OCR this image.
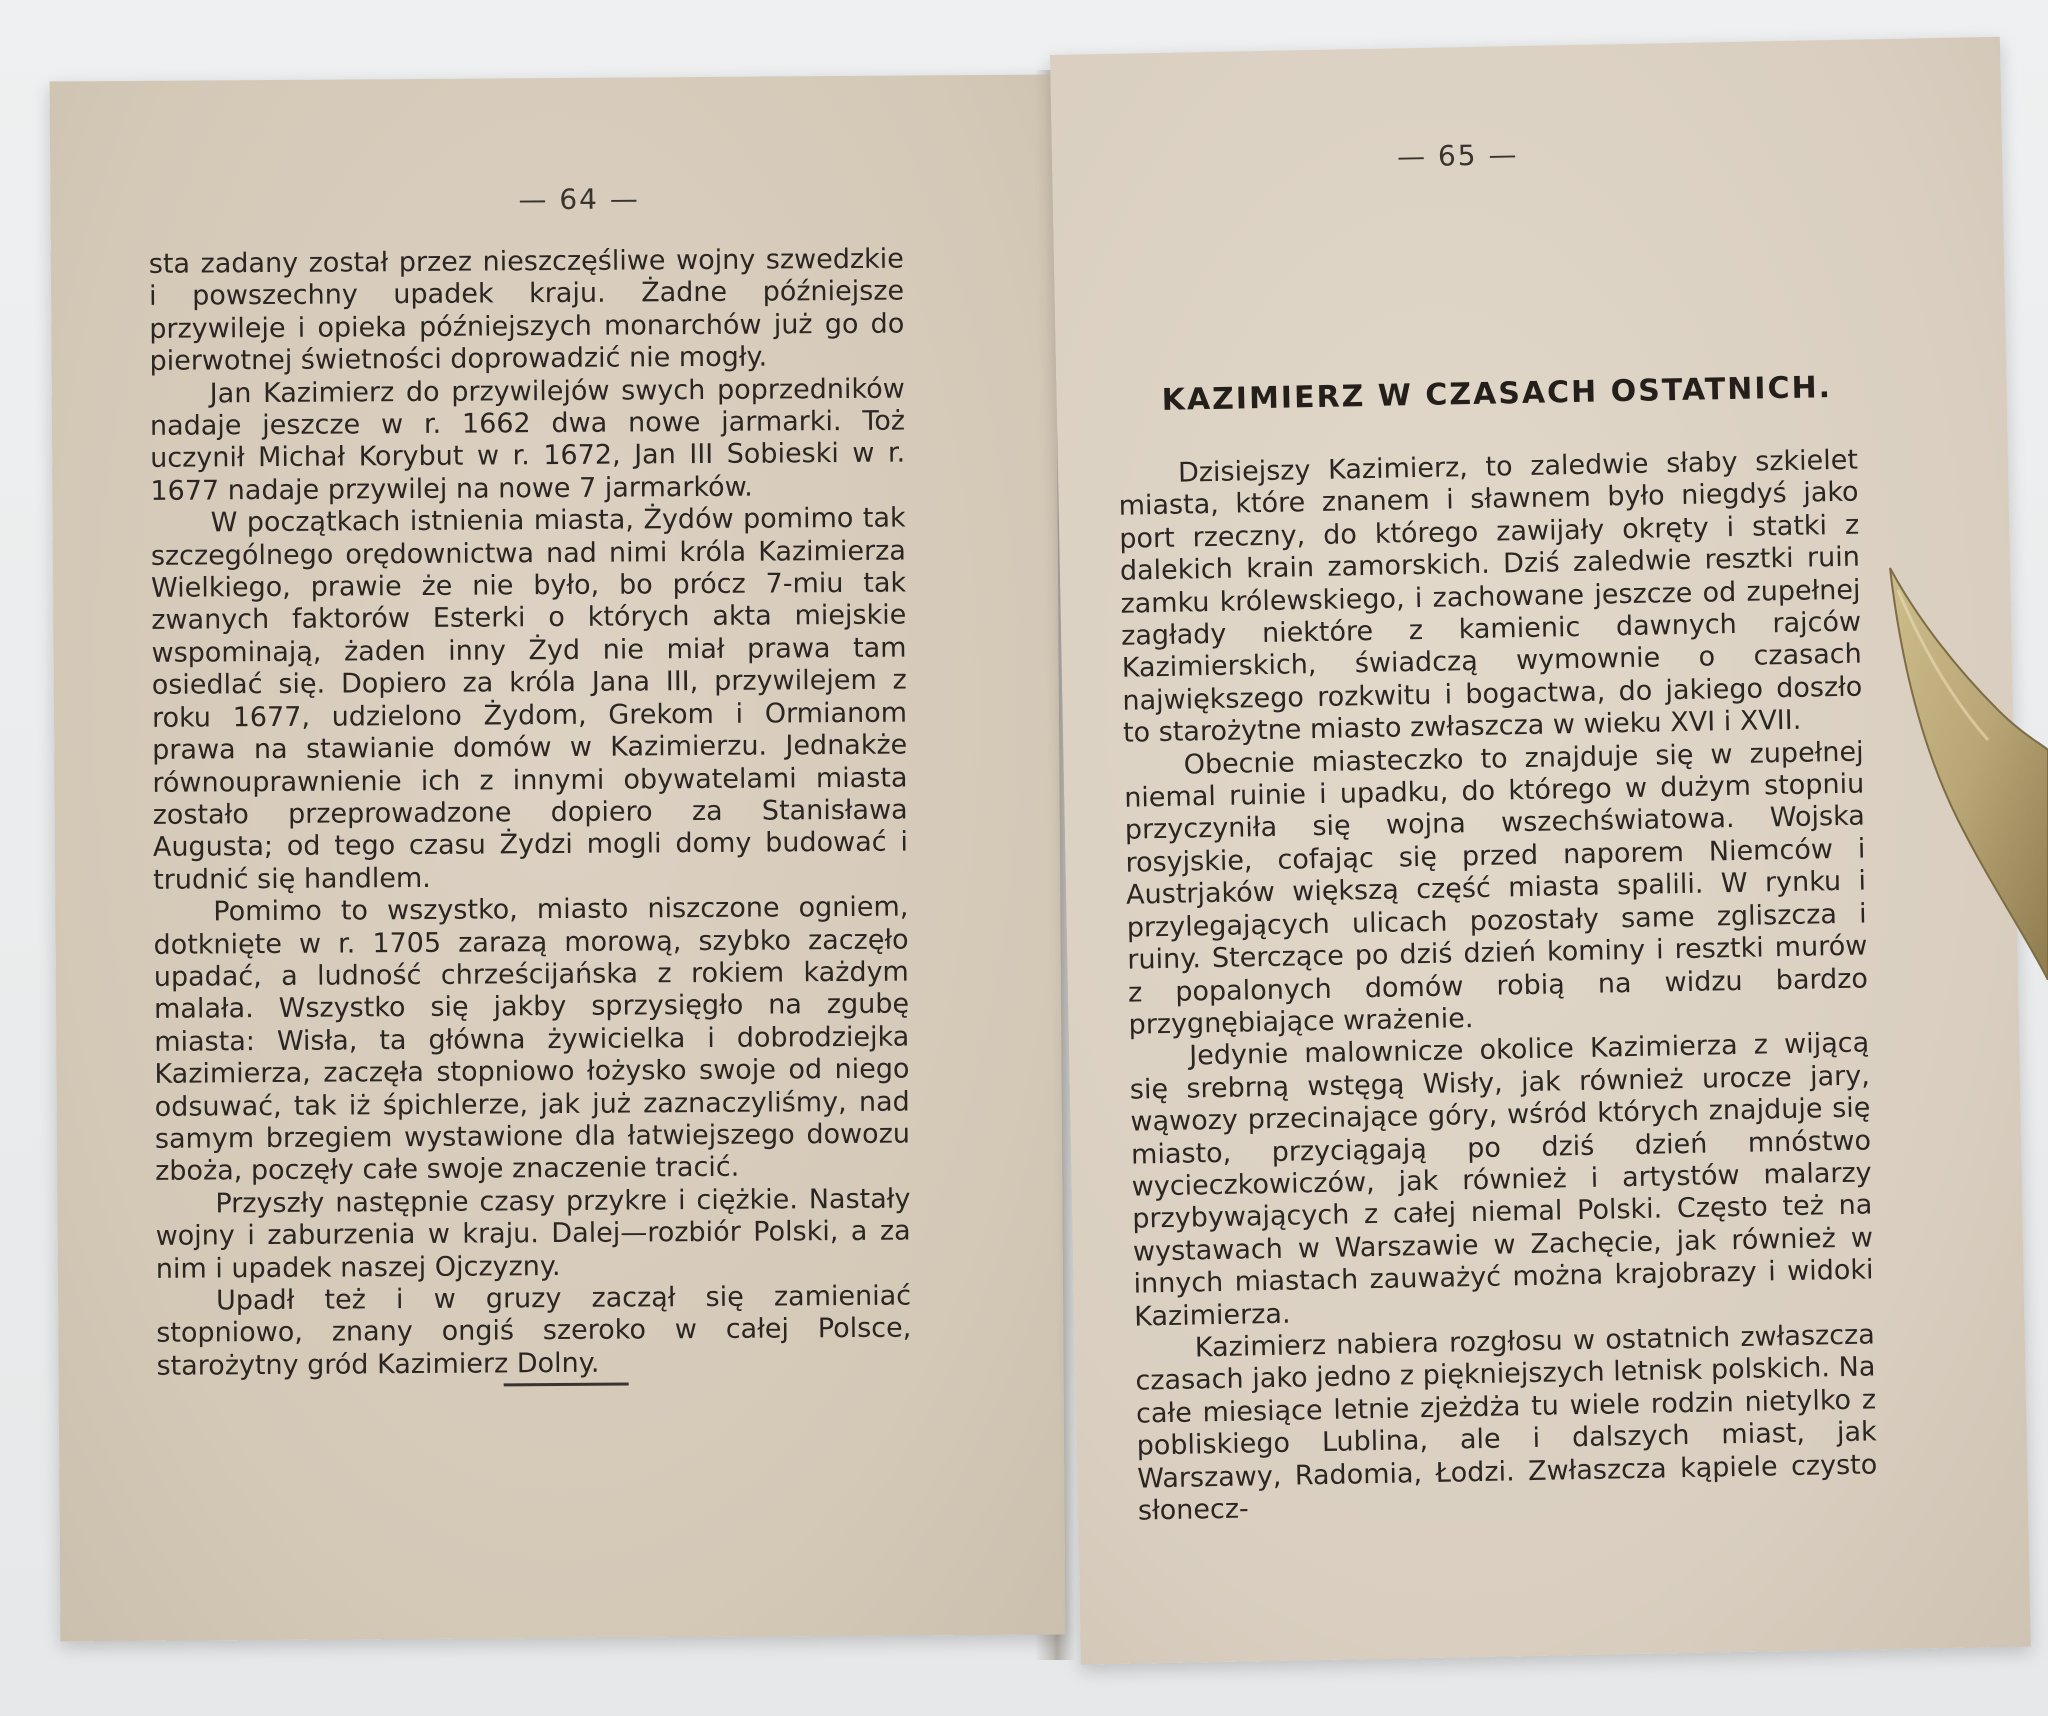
— 64 —

sta zadany został przez nieszczęśliwe wojny szwedzkie i powszechny upadek kraju. Żadne późniejsze przywileje i opieka późniejszych monarchów już go do pierwotnej świetności doprowadzić nie mogły.

Jan Kazimierz do przywilejów swych poprzedników nadaje jeszcze w r. 1662 dwa nowe jarmarki. Toż uczynił Michał Korybut w r. 1672, Jan III Sobieski w r. 1677 nadaje przywilej na nowe 7 jarmarków.

W początkach istnienia miasta, Żydów pomimo tak szczególnego orędownictwa nad nimi króla Kazimierza Wielkiego, prawie że nie było, bo prócz 7-miu tak zwanych faktorów Esterki o których akta miejskie wspominają, żaden inny Żyd nie miał prawa tam osiedlać się. Dopiero za króla Jana III, przywilejem z roku 1677, udzielono Żydom, Grekom i Ormianom prawa na stawianie domów w Kazimierzu. Jednakże równouprawnienie ich z innymi obywatelami miasta zostało przeprowadzone dopiero za Stanisława Augusta; od tego czasu Żydzi mogli domy budować i trudnić się handlem.

Pomimo to wszystko, miasto niszczone ogniem, dotknięte w r. 1705 zarazą morową, szybko zaczęło upadać, a ludność chrześcijańska z rokiem każdym malała. Wszystko się jakby sprzysięgło na zgubę miasta: Wisła, ta główna żywicielka i dobrodziejka Kazimierza, zaczęła stopniowo łożysko swoje od niego odsuwać, tak iż śpichlerze, jak już zaznaczyliśmy, nad samym brzegiem wystawione dla łatwiejszego dowozu zboża, poczęły całe swoje znaczenie tracić.

Przyszły następnie czasy przykre i ciężkie. Nastały wojny i zaburzenia w kraju. Dalej—rozbiór Polski, a za nim i upadek naszej Ojczyzny.

Upadł też i w gruzy zaczął się zamieniać stopniowo, znany ongiś szeroko w całej Polsce, starożytny gród Kazimierz Dolny.

— 65 —
KAZIMIERZ W CZASACH OSTATNICH.

Dzisiejszy Kazimierz, to zaledwie słaby szkielet miasta, które znanem i sławnem było niegdyś jako port rzeczny, do którego zawijały okręty i statki z dalekich krain zamorskich. Dziś zaledwie resztki ruin zamku królewskiego, i zachowane jeszcze od zupełnej zagłady niektóre z kamienic dawnych rajców Kazimierskich, świadczą wymownie o czasach największego rozkwitu i bogactwa, do jakiego doszło to starożytne miasto zwłaszcza w wieku XVI i XVII.

Obecnie miasteczko to znajduje się w zupełnej niemal ruinie i upadku, do którego w dużym stopniu przyczyniła się wojna wszechświatowa. Wojska rosyjskie, cofając się przed naporem Niemców i Austrjaków większą część miasta spalili. W rynku i przylegających ulicach pozostały same zgliszcza i ruiny. Sterczące po dziś dzień kominy i resztki murów z popalonych domów robią na widzu bardzo przygnębiające wrażenie.

Jedynie malownicze okolice Kazimierza z wijącą się srebrną wstęgą Wisły, jak również urocze jary, wąwozy przecinające góry, wśród których znajduje się miasto, przyciągają po dziś dzień mnóstwo wycieczkowiczów, jak również i artystów malarzy przybywających z całej niemal Polski. Często też na wystawach w Warszawie w Zachęcie, jak również w innych miastach zauważyć można krajobrazy i widoki Kazimierza.

Kazimierz nabiera rozgłosu w ostatnich zwłaszcza czasach jako jedno z piękniejszych letnisk polskich. Na całe miesiące letnie zjeżdża tu wiele rodzin nietylko z pobliskiego Lublina, ale i dalszych miast, jak Warszawy, Radomia, Łodzi. Zwłaszcza kąpiele czysto słonecz-
